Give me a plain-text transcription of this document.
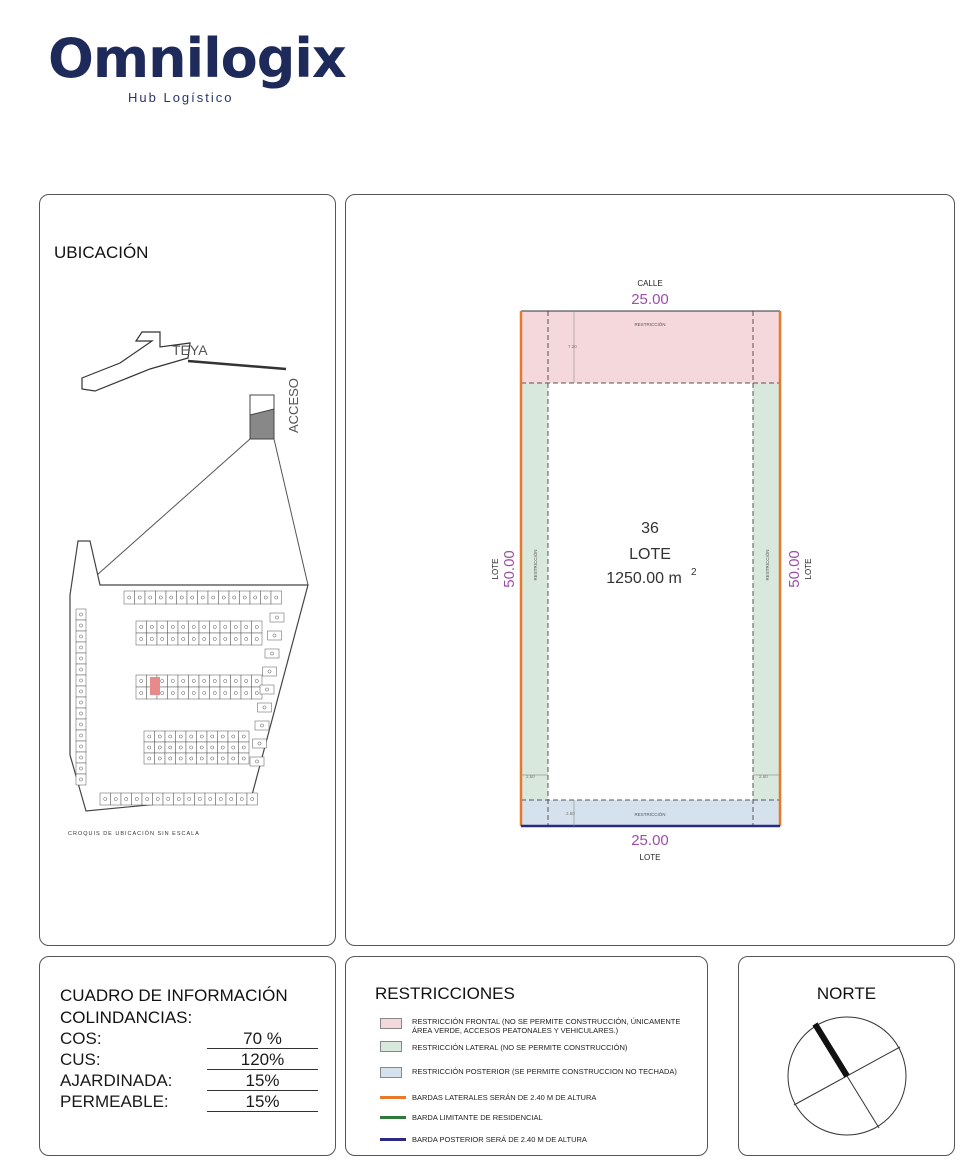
Omnilogix
Hub Logístico
UBICACIÓN
TEYA
ACCESO
CROQUIS DE UBICACIÓN SIN ESCALA
7.20
2.50	2.50
2.50
RESTRICCIÓN
RESTRICCIÓN
RESTRICCIÓN	RESTRICCIÓN
CALLE
25.00
25.00
LOTE
LOTE 50.00	50.00 LOTE
36
LOTE
1250.00 m 2
CUADRO DE INFORMACIÓN
COLINDANCIAS:
COS:	70 %
CUS:	120%
AJARDINADA:	15%
PERMEABLE:	15%
RESTRICCIONES
RESTRICCIÓN FRONTAL (NO SE PERMITE CONSTRUCCIÓN, ÚNICAMENTE ÁREA VERDE, ACCESOS PEATONALES Y VEHICULARES.)
RESTRICCIÓN LATERAL (NO SE PERMITE CONSTRUCCIÓN)
RESTRICCIÓN POSTERIOR (SE PERMITE CONSTRUCCION NO TECHADA)
BARDAS LATERALES SERÁN DE 2.40 M DE ALTURA
BARDA LIMITANTE DE RESIDENCIAL
BARDA POSTERIOR SERÁ DE 2.40 M DE ALTURA
NORTE
